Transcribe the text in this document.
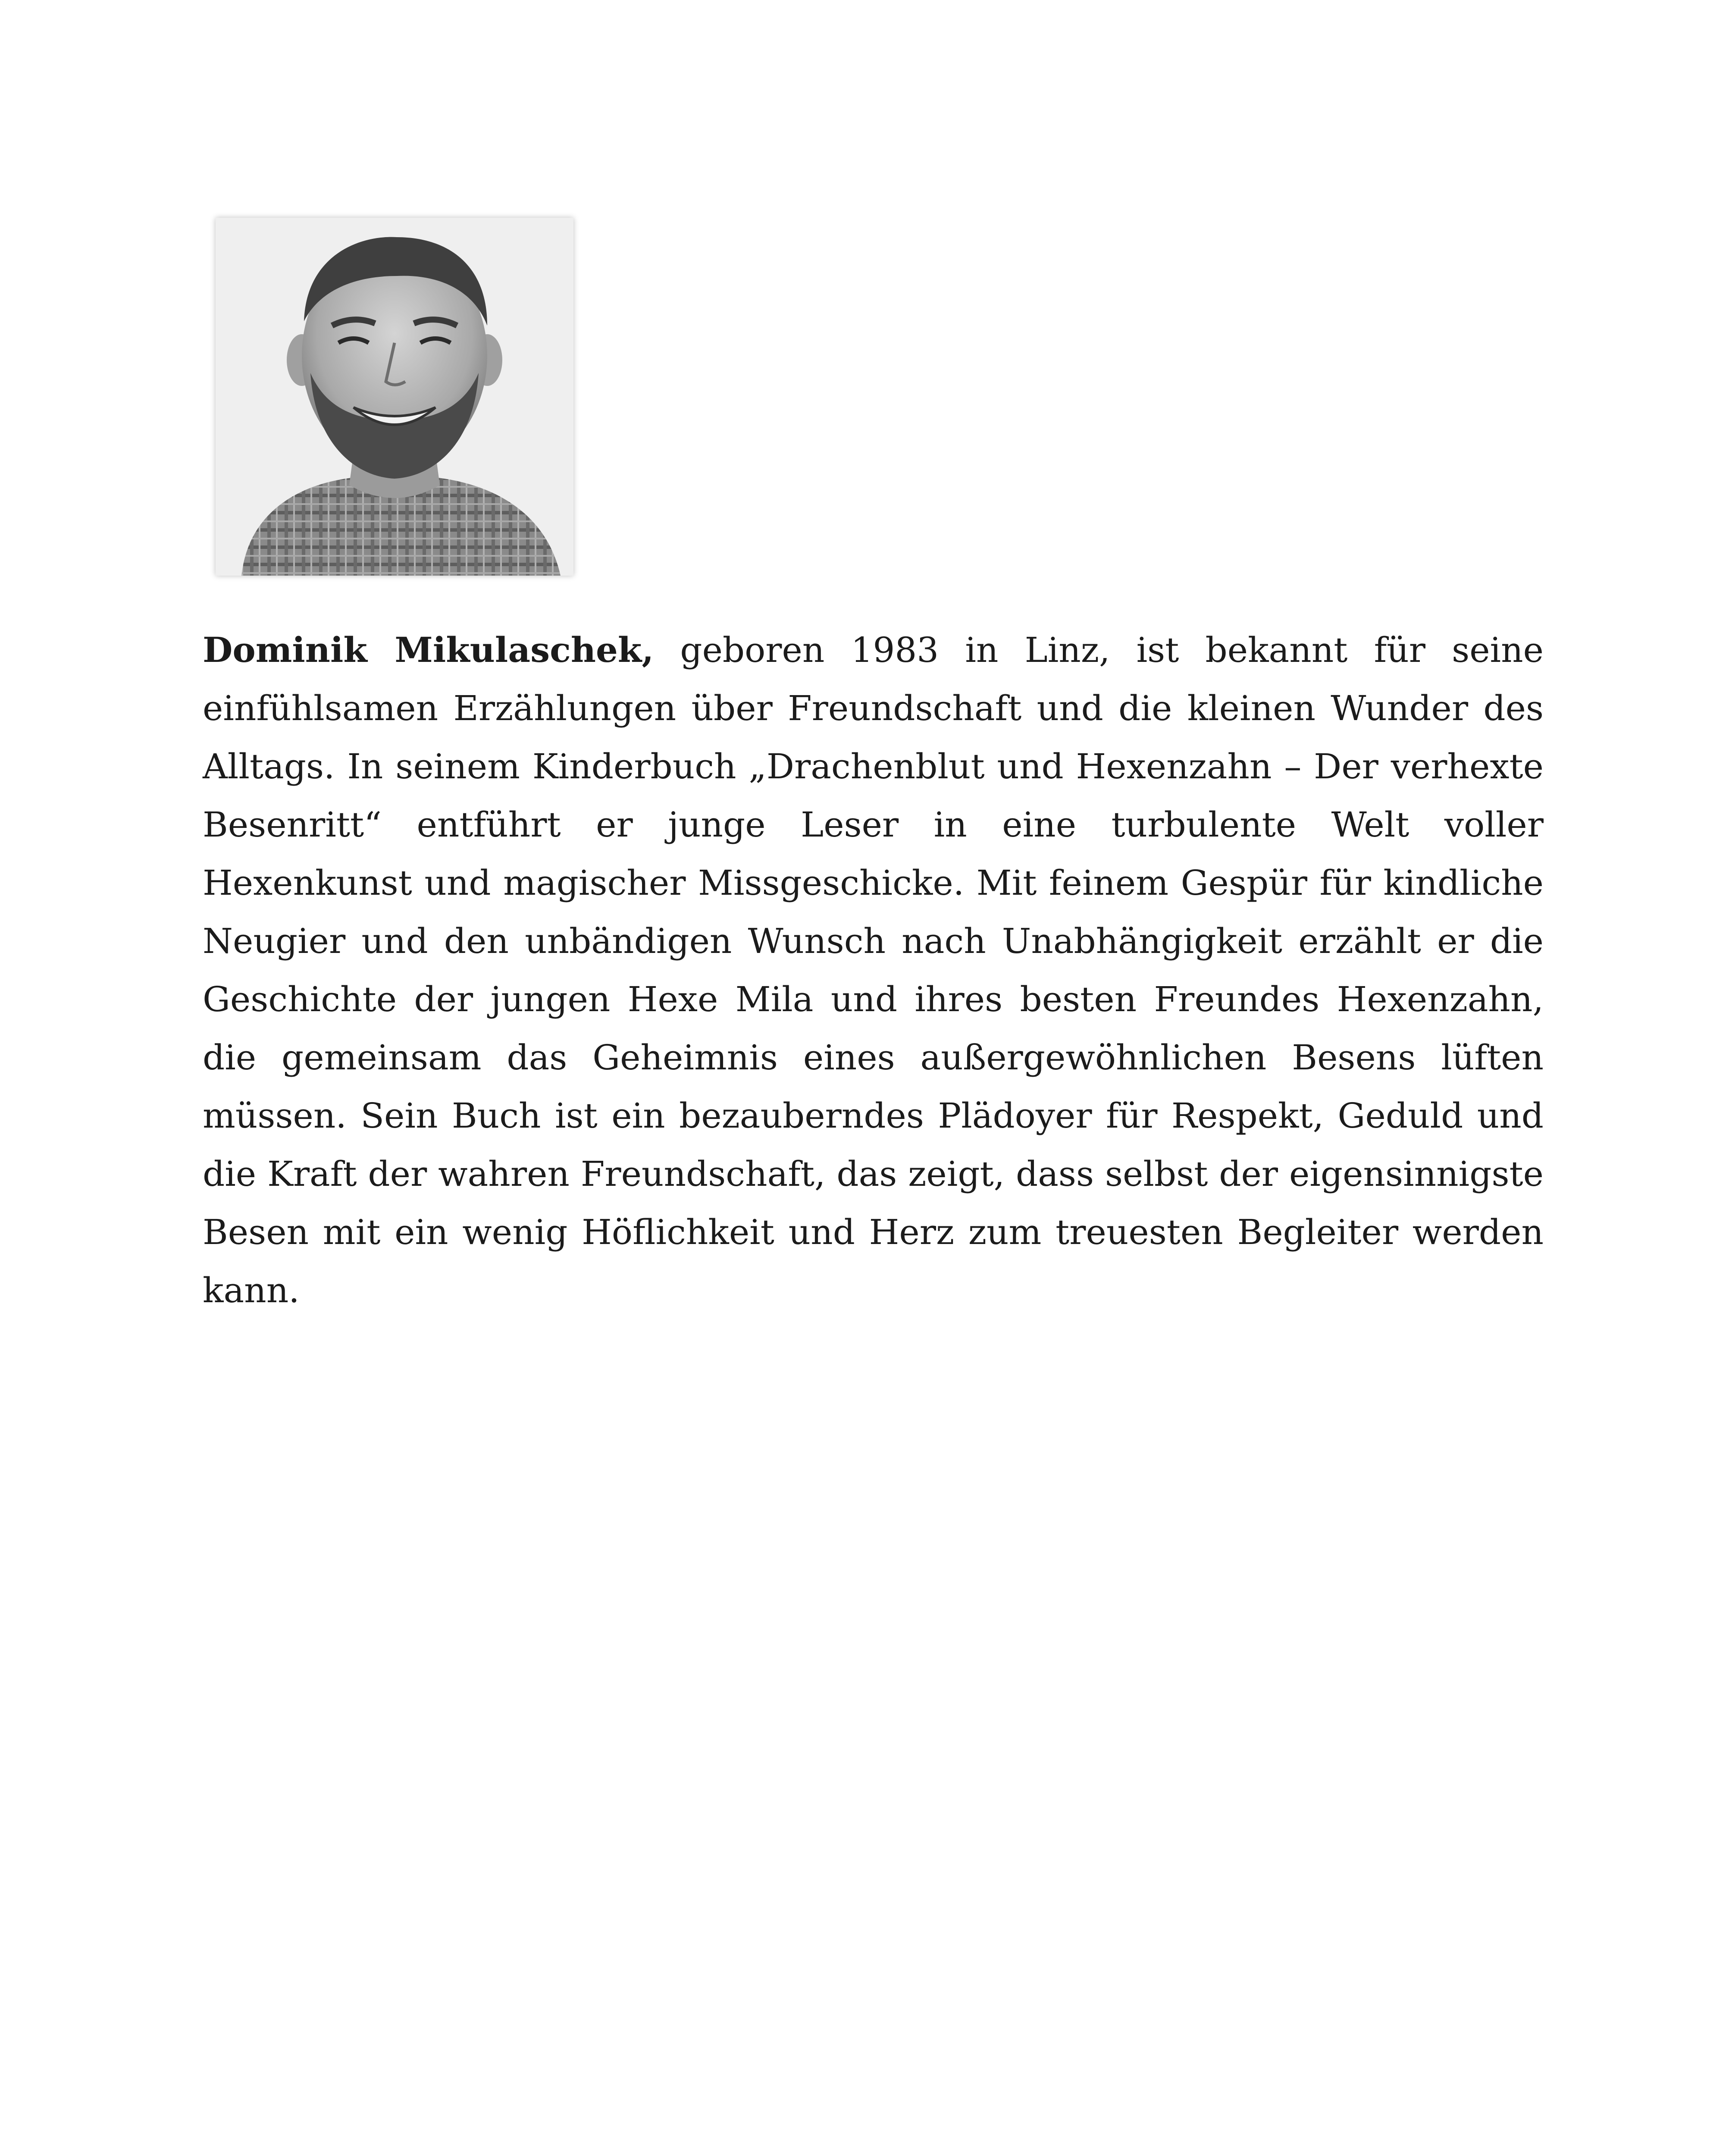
Dominik Mikulaschek, geboren 1983 in Linz, ist bekannt für seine einfühlsamen Erzählungen über Freundschaft und die kleinen Wunder des Alltags. In seinem Kinderbuch „Drachenblut und Hexenzahn – Der verhexte Besenritt“ entführt er junge Leser in eine turbulente Welt voller Hexenkunst und magischer Missgeschicke. Mit feinem Gespür für kindliche Neugier und den unbändigen Wunsch nach Unabhängigkeit erzählt er die Geschichte der jungen Hexe Mila und ihres besten Freundes Hexenzahn, die gemeinsam das Geheimnis eines außergewöhnlichen Besens lüften müssen. Sein Buch ist ein bezauberndes Plädoyer für Respekt, Geduld und die Kraft der wahren Freundschaft, das zeigt, dass selbst der eigensinnigste Besen mit ein wenig Höflichkeit und Herz zum treuesten Begleiter werden kann.
